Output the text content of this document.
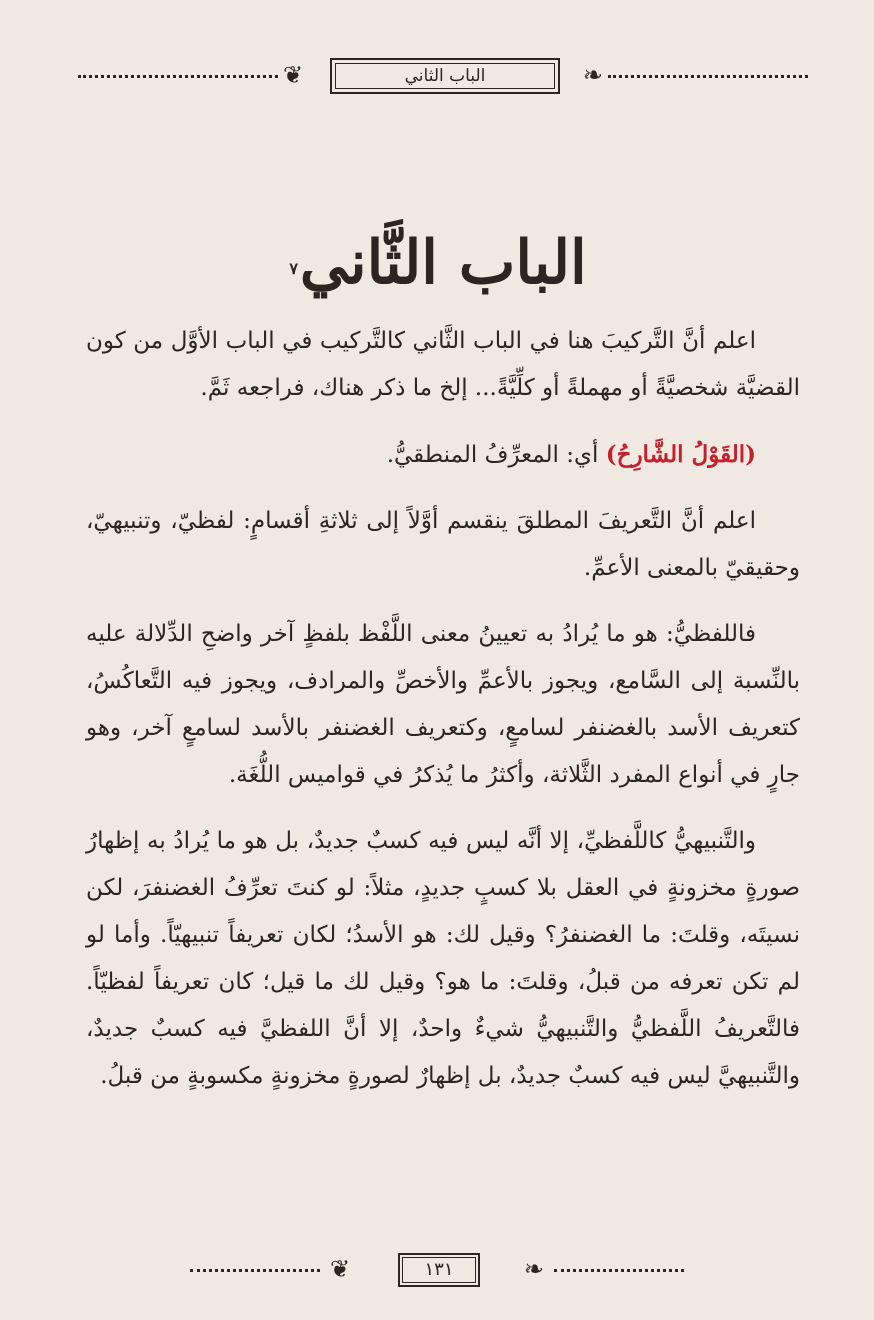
❦	الباب الثاني	❧
الباب الثَّاني$^٧$

اعلم أنَّ التَّركيبَ هنا في الباب الثَّاني كالتَّركيب في الباب الأوَّل من كون القضيَّة شخصيَّةً أو مهملةً أو كلِّيَّةً... إلخ ما ذكر هناك، فراجعه ثَمَّ.

(القَوْلُ الشَّارِحُ) أي: المعرِّفُ المنطقيُّ.

اعلم أنَّ التَّعريفَ المطلقَ ينقسم أوَّلاً إلى ثلاثةِ أقسامٍ: لفظيّ، وتنبيهيّ، وحقيقيّ بالمعنى الأعمِّ.

فاللفظيُّ: هو ما يُرادُ به تعيينُ معنى اللَّفْظ بلفظٍ آخر واضحِ الدِّلالة عليه بالنِّسبة إلى السَّامع، ويجوز بالأعمِّ والأخصِّ والمرادف، ويجوز فيه التَّعاكُسُ، كتعريف الأسد بالغضنفر لسامعٍ، وكتعريف الغضنفر بالأسد لسامعٍ آخر، وهو جارٍ في أنواع المفرد الثَّلاثة، وأكثرُ ما يُذكرُ في قواميس اللُّغَة.

والتَّنبيهيُّ كاللَّفظيِّ، إلا أنَّه ليس فيه كسبٌ جديدٌ، بل هو ما يُرادُ به إظهارُ صورةٍ مخزونةٍ في العقل بلا كسبٍ جديدٍ، مثلاً: لو كنتَ تعرِّفُ الغضنفرَ، لكن نسيتَه، وقلتَ: ما الغضنفرُ؟ وقيل لك: هو الأسدُ؛ لكان تعريفاً تنبيهيّاً. وأما لو لم تكن تعرفه من قبلُ، وقلتَ: ما هو؟ وقيل لك ما قيل؛ كان تعريفاً لفظيّاً. فالتَّعريفُ اللَّفظيُّ والتَّنبيهيُّ شيءٌ واحدٌ، إلا أنَّ اللفظيَّ فيه كسبٌ جديدٌ، والتَّنبيهيَّ ليس فيه كسبٌ جديدٌ، بل إظهارٌ لصورةٍ مخزونةٍ مكسوبةٍ من قبلُ.

❦	١٣١	❧
